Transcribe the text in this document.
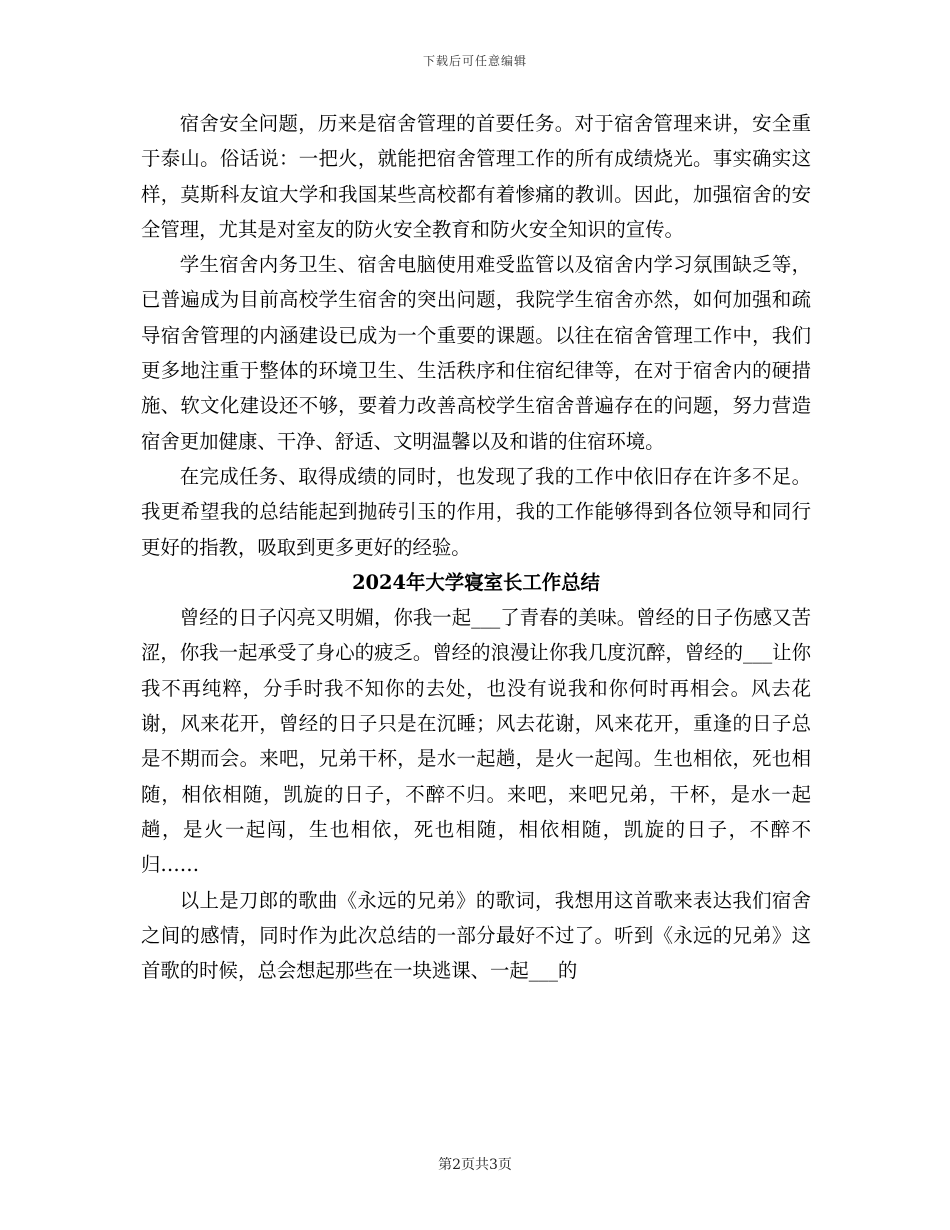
下载后可任意编辑

宿舍安全问题，历来是宿舍管理的首要任务。对于宿舍管理来讲，安全重于泰山。俗话说：一把火，就能把宿舍管理工作的所有成绩烧光。事实确实这样，莫斯科友谊大学和我国某些高校都有着惨痛的教训。因此，加强宿舍的安全管理，尤其是对室友的防火安全教育和防火安全知识的宣传。

学生宿舍内务卫生、宿舍电脑使用难受监管以及宿舍内学习氛围缺乏等，已普遍成为目前高校学生宿舍的突出问题，我院学生宿舍亦然，如何加强和疏导宿舍管理的内涵建设已成为一个重要的课题。以往在宿舍管理工作中，我们更多地注重于整体的环境卫生、生活秩序和住宿纪律等，在对于宿舍内的硬措施、软文化建设还不够，要着力改善高校学生宿舍普遍存在的问题，努力营造宿舍更加健康、干净、舒适、文明温馨以及和谐的住宿环境。

在完成任务、取得成绩的同时，也发现了我的工作中依旧存在许多不足。我更希望我的总结能起到抛砖引玉的作用，我的工作能够得到各位领导和同行更好的指教，吸取到更多更好的经验。

2024年大学寝室长工作总结

曾经的日子闪亮又明媚，你我一起___了青春的美味。曾经的日子伤感又苦涩，你我一起承受了身心的疲乏。曾经的浪漫让你我几度沉醉，曾经的___让你我不再纯粹，分手时我不知你的去处，也没有说我和你何时再相会。风去花谢，风来花开，曾经的日子只是在沉睡；风去花谢，风来花开，重逢的日子总是不期而会。来吧，兄弟干杯，是水一起趟，是火一起闯。生也相依，死也相随，相依相随，凯旋的日子，不醉不归。来吧，来吧兄弟，干杯，是水一起趟，是火一起闯，生也相依，死也相随，相依相随，凯旋的日子，不醉不归……

以上是刀郎的歌曲《永远的兄弟》的歌词，我想用这首歌来表达我们宿舍之间的感情，同时作为此次总结的一部分最好不过了。听到《永远的兄弟》这首歌的时候，总会想起那些在一块逃课、一起___的

第2页共3页
